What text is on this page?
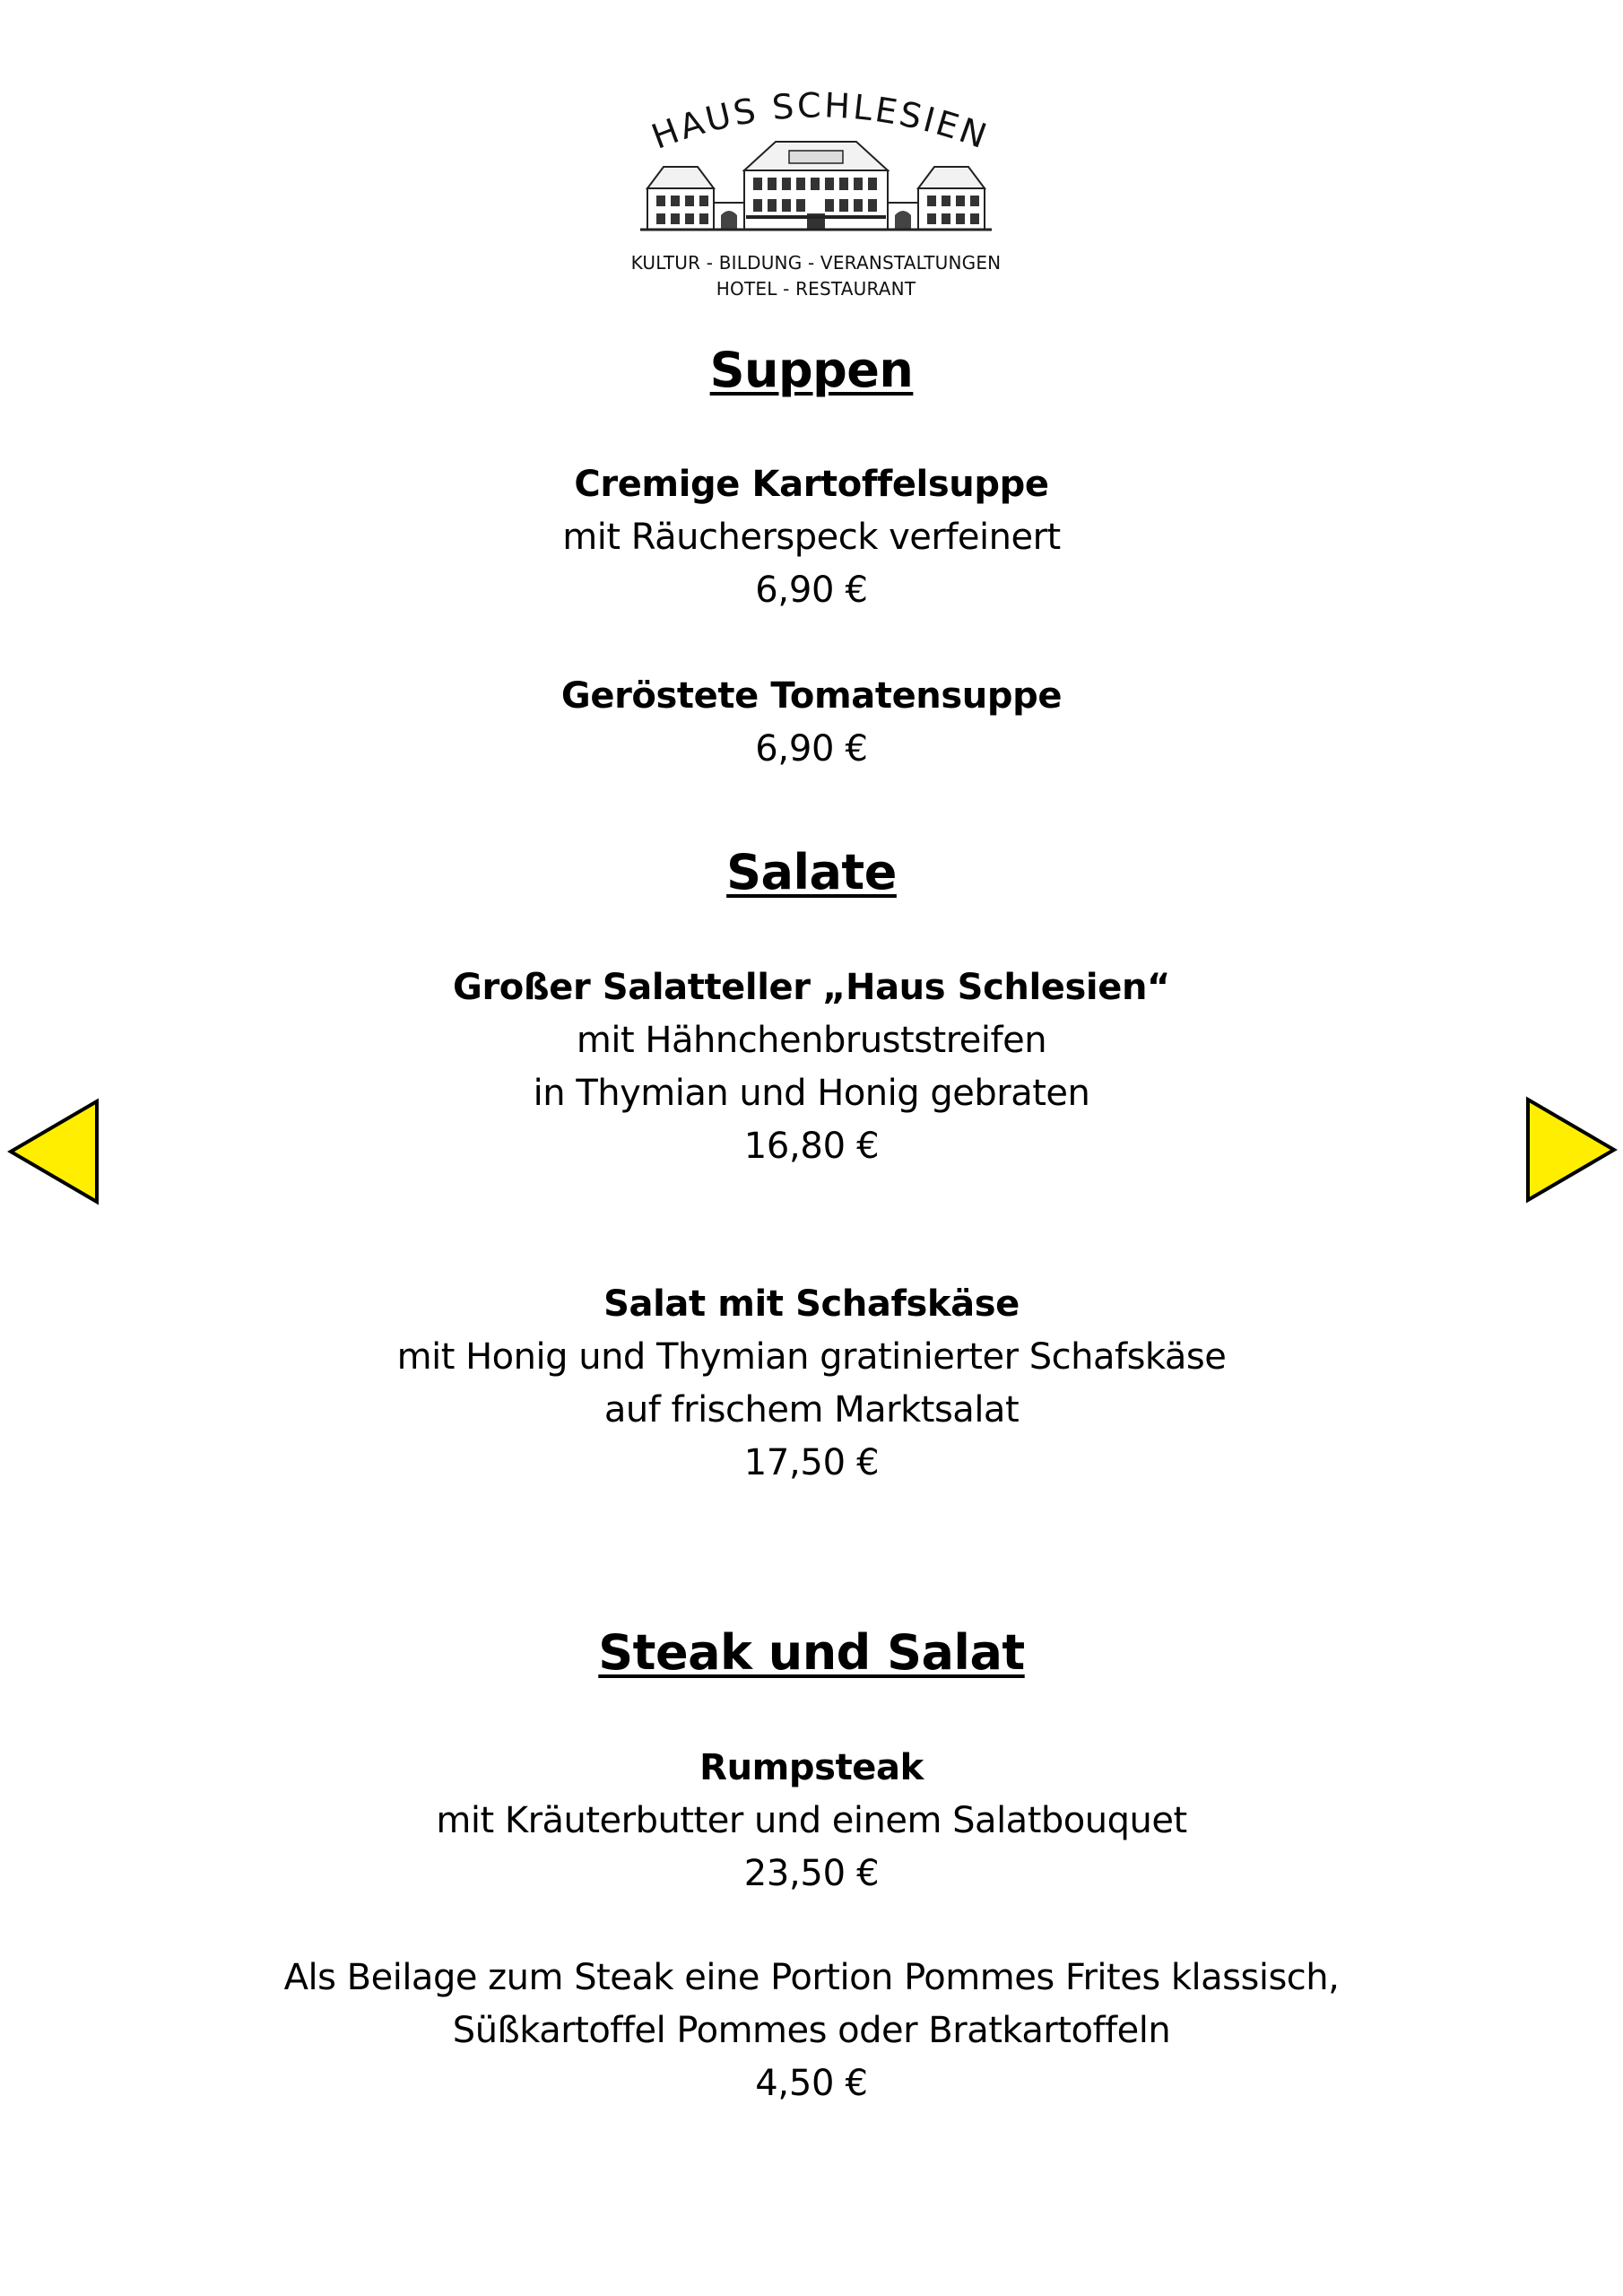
HAUS SCHLESIEN
KULTUR - BILDUNG - VERANSTALTUNGEN
HOTEL - RESTAURANT
Suppen
Cremige Kartoffelsuppe
mit Räucherspeck verfeinert
6,90 €
Geröstete Tomatensuppe
6,90 €
Salate
Großer Salatteller „Haus Schlesien“
mit Hähnchenbruststreifen
in Thymian und Honig gebraten
16,80 €
Salat mit Schafskäse
mit Honig und Thymian gratinierter Schafskäse
auf frischem Marktsalat
17,50 €
Steak und Salat
Rumpsteak
mit Kräuterbutter und einem Salatbouquet
23,50 €
Als Beilage zum Steak eine Portion Pommes Frites klassisch,
Süßkartoffel Pommes oder Bratkartoffeln
4,50 €
